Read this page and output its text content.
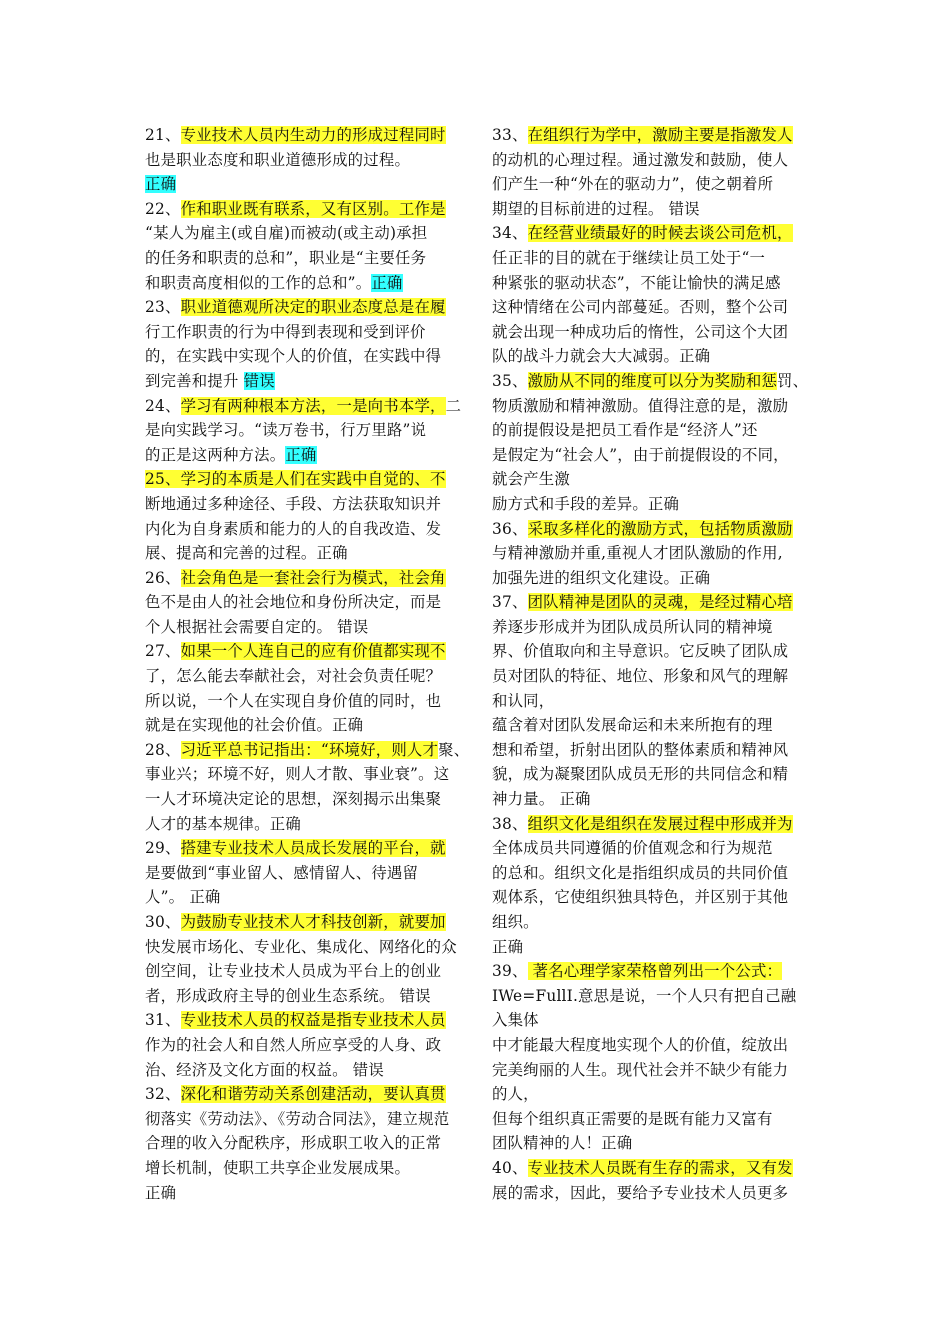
21、专业技术人员内生动力的形成过程同时
也是职业态度和职业道德形成的过程。
正确
22、作和职业既有联系，又有区别。工作是
“某人为雇主(或自雇)而被动(或主动)承担
的任务和职责的总和”，职业是“主要任务
和职责高度相似的工作的总和”。正确
23、职业道德观所决定的职业态度总是在履
行工作职责的行为中得到表现和受到评价
的，在实践中实现个人的价值，在实践中得
到完善和提升 错误
24、学习有两种根本方法，一是向书本学，二
是向实践学习。“读万卷书，行万里路”说
的正是这两种方法。正确
25、学习的本质是人们在实践中自觉的、不
断地通过多种途径、手段、方法获取知识并
内化为自身素质和能力的人的自我改造、发
展、提高和完善的过程。正确
26、社会角色是一套社会行为模式，社会角
色不是由人的社会地位和身份所决定，而是
个人根据社会需要自定的。 错误
27、如果一个人连自己的应有价值都实现不
了，怎么能去奉献社会，对社会负责任呢？
所以说，一个人在实现自身价值的同时，也
就是在实现他的社会价值。正确
28、习近平总书记指出：“环境好，则人才聚、
事业兴；环境不好，则人才散、事业衰”。这
一人才环境决定论的思想，深刻揭示出集聚
人才的基本规律。正确
29、搭建专业技术人员成长发展的平台，就
是要做到“事业留人、感情留人、待遇留
人”。 正确
30、为鼓励专业技术人才科技创新，就要加
快发展市场化、专业化、集成化、网络化的众
创空间，让专业技术人员成为平台上的创业
者，形成政府主导的创业生态系统。 错误
31、专业技术人员的权益是指专业技术人员
作为的社会人和自然人所应享受的人身、政
治、经济及文化方面的权益。 错误
32、深化和谐劳动关系创建活动，要认真贯
彻落实《劳动法》、《劳动合同法》，建立规范
合理的收入分配秩序，形成职工收入的正常
增长机制，使职工共享企业发展成果。
正确
33、在组织行为学中，激励主要是指激发人
的动机的心理过程。通过激发和鼓励，使人
们产生一种“外在的驱动力”，使之朝着所
期望的目标前进的过程。 错误
34、在经营业绩最好的时候去谈公司危机，
任正非的目的就在于继续让员工处于“一
种紧张的驱动状态”，不能让愉快的满足感
这种情绪在公司内部蔓延。否则，整个公司
就会出现一种成功后的惰性，公司这个大团
队的战斗力就会大大减弱。正确
35、激励从不同的维度可以分为奖励和惩罚、
物质激励和精神激励。值得注意的是，激励
的前提假设是把员工看作是“经济人”还
是假定为“社会人”，由于前提假设的不同，
就会产生激
励方式和手段的差异。正确
36、采取多样化的激励方式，包括物质激励
与精神激励并重,重视人才团队激励的作用,
加强先进的组织文化建设。正确
37、团队精神是团队的灵魂，是经过精心培
养逐步形成并为团队成员所认同的精神境
界、价值取向和主导意识。它反映了团队成
员对团队的特征、地位、形象和风气的理解
和认同，
蕴含着对团队发展命运和未来所抱有的理
想和希望，折射出团队的整体素质和精神风
貌，成为凝聚团队成员无形的共同信念和精
神力量。 正确
38、组织文化是组织在发展过程中形成并为
全体成员共同遵循的价值观念和行为规范
的总和。组织文化是指组织成员的共同价值
观体系，它使组织独具特色，并区别于其他
组织。
正确
39、 著名心理学家荣格曾列出一个公式：
IWe=FullI.意思是说，一个人只有把自己融
入集体
中才能最大程度地实现个人的价值，绽放出
完美绚丽的人生。现代社会并不缺少有能力
的人，
但每个组织真正需要的是既有能力又富有
团队精神的人！正确
40、专业技术人员既有生存的需求，又有发
展的需求，因此，要给予专业技术人员更多
